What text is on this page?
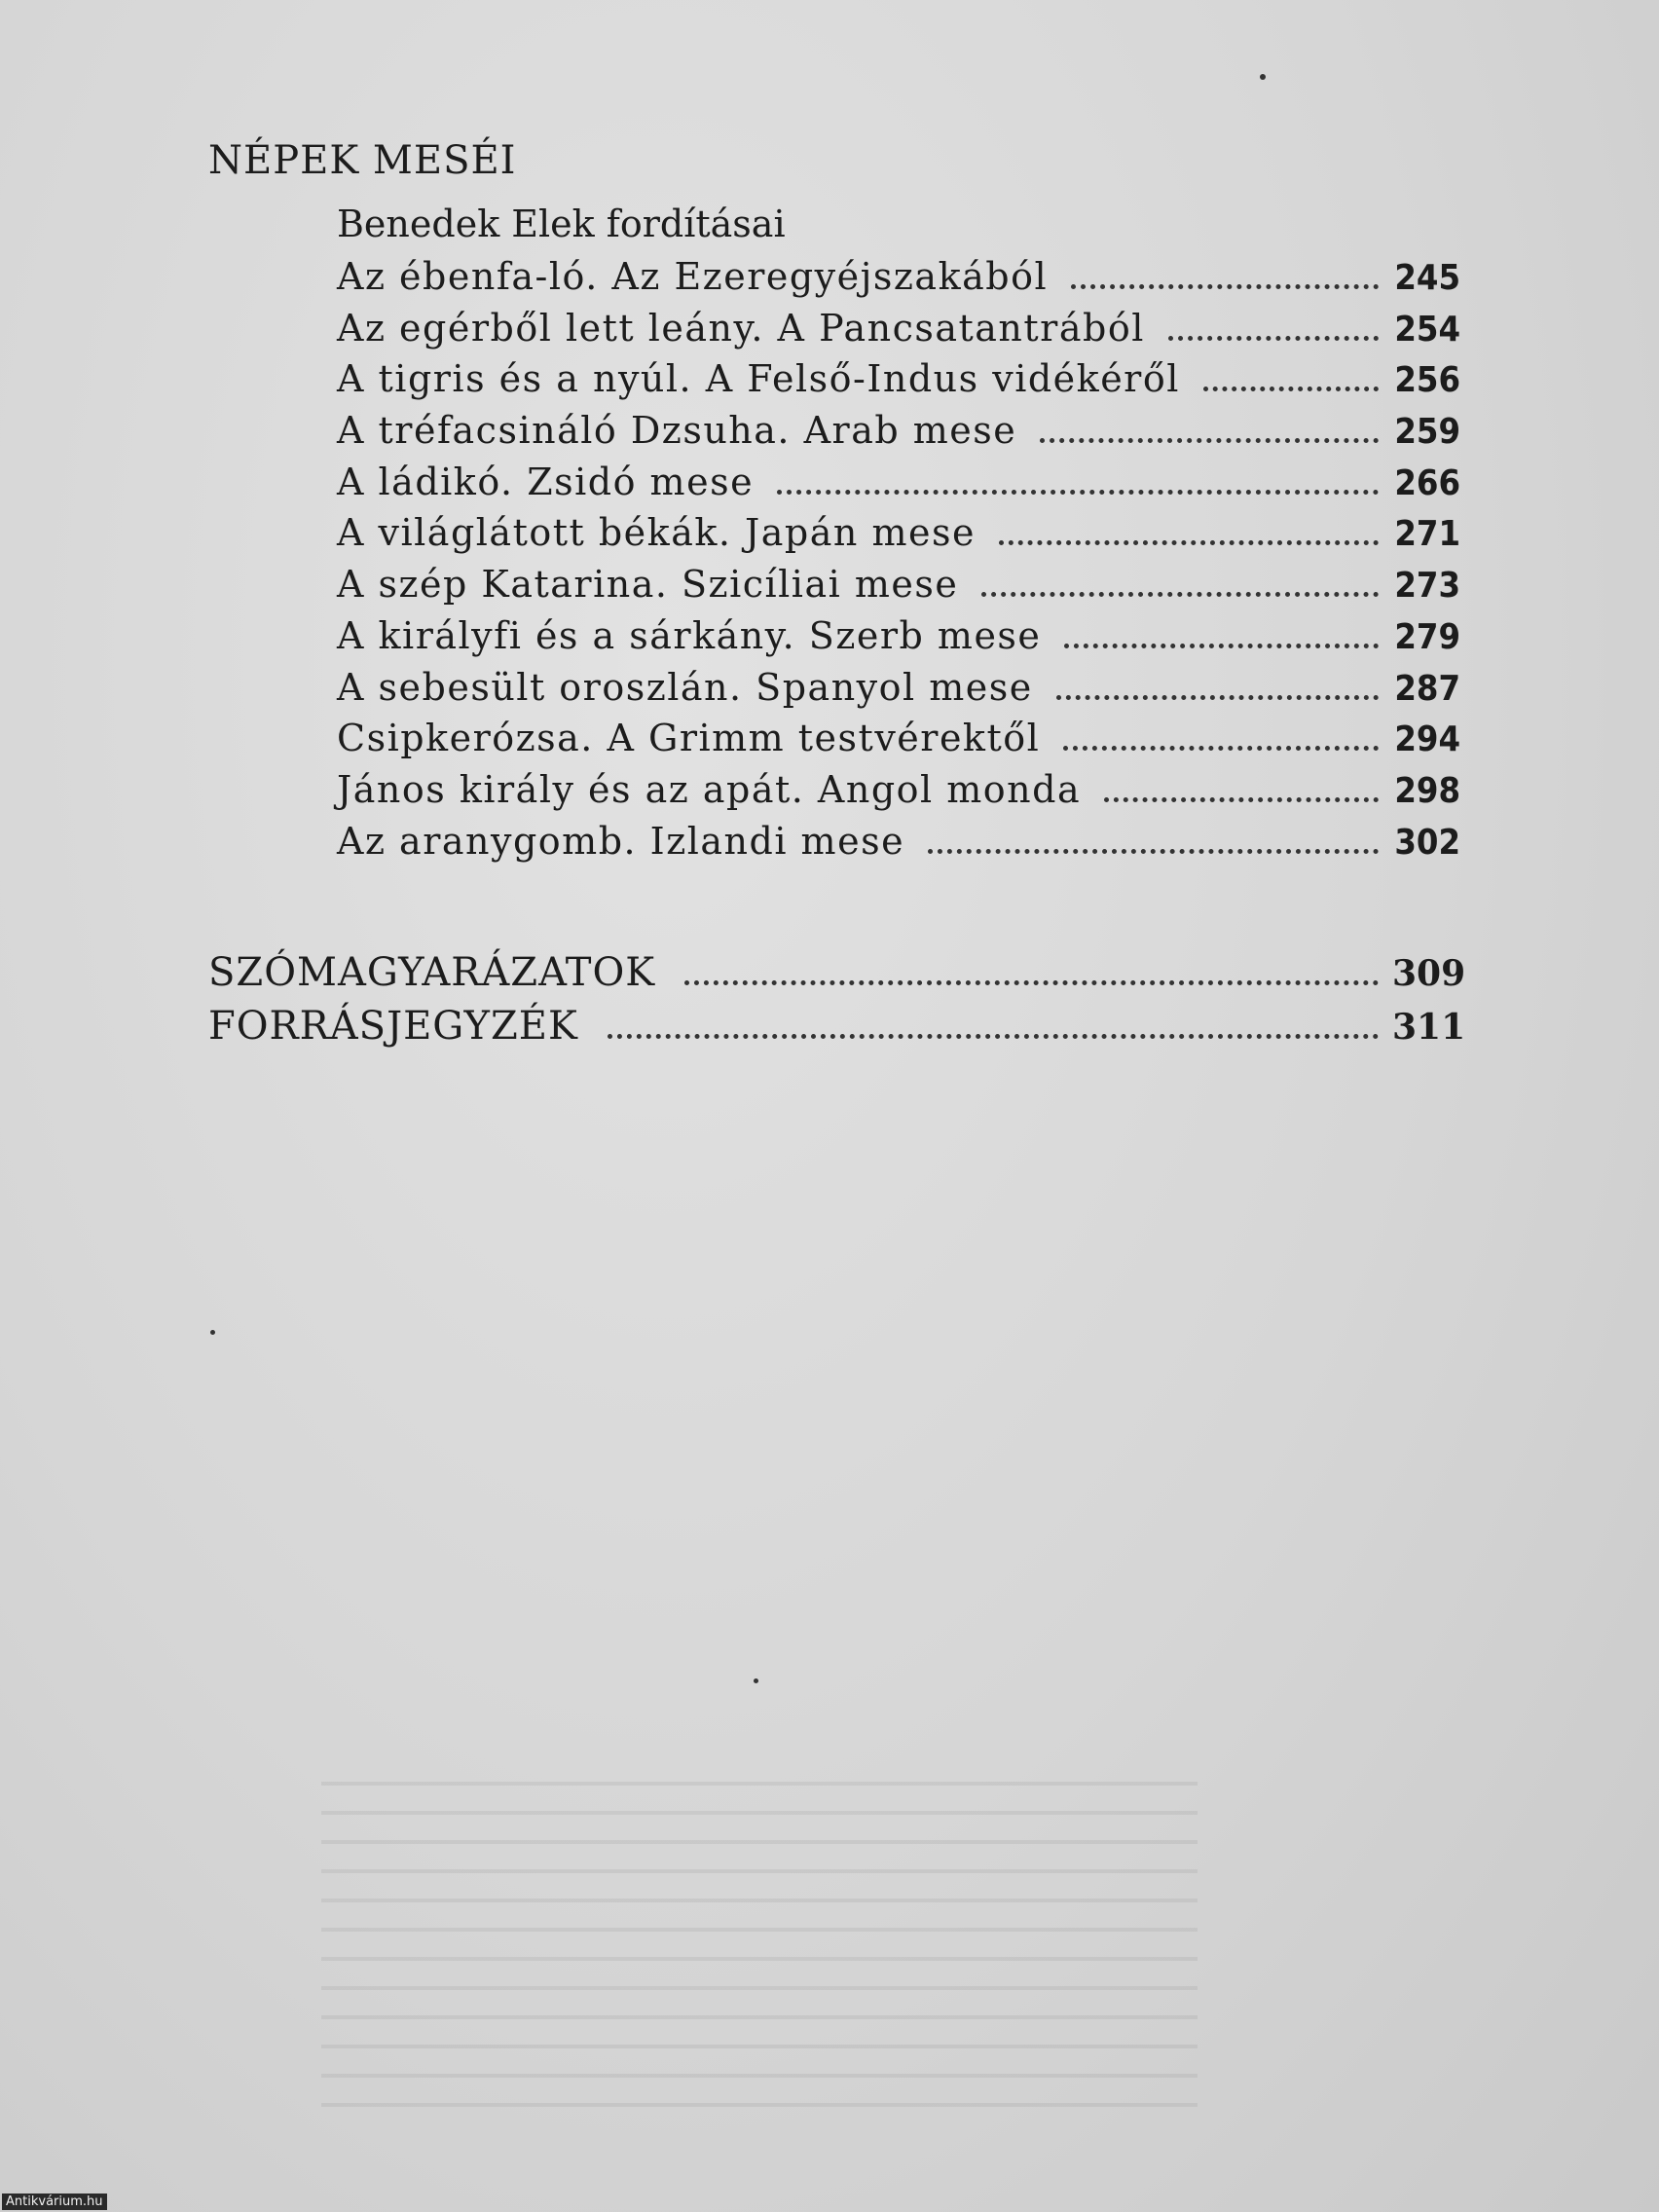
NÉPEK MESÉI
Benedek Elek fordításai
Az ébenfa-ló. Az Ezeregyéjszakából	245
Az egérből lett leány. A Pancsatantrából	254
A tigris és a nyúl. A Felső-Indus vidékéről	256
A tréfacsináló Dzsuha. Arab mese	259
A ládikó. Zsidó mese	266
A világlátott békák. Japán mese	271
A szép Katarina. Szicíliai mese	273
A királyfi és a sárkány. Szerb mese	279
A sebesült oroszlán. Spanyol mese	287
Csipkerózsa. A Grimm testvérektől	294
János király és az apát. Angol monda	298
Az aranygomb. Izlandi mese	302
SZÓMAGYARÁZATOK	309
FORRÁSJEGYZÉK	311
Antikvárium.hu
